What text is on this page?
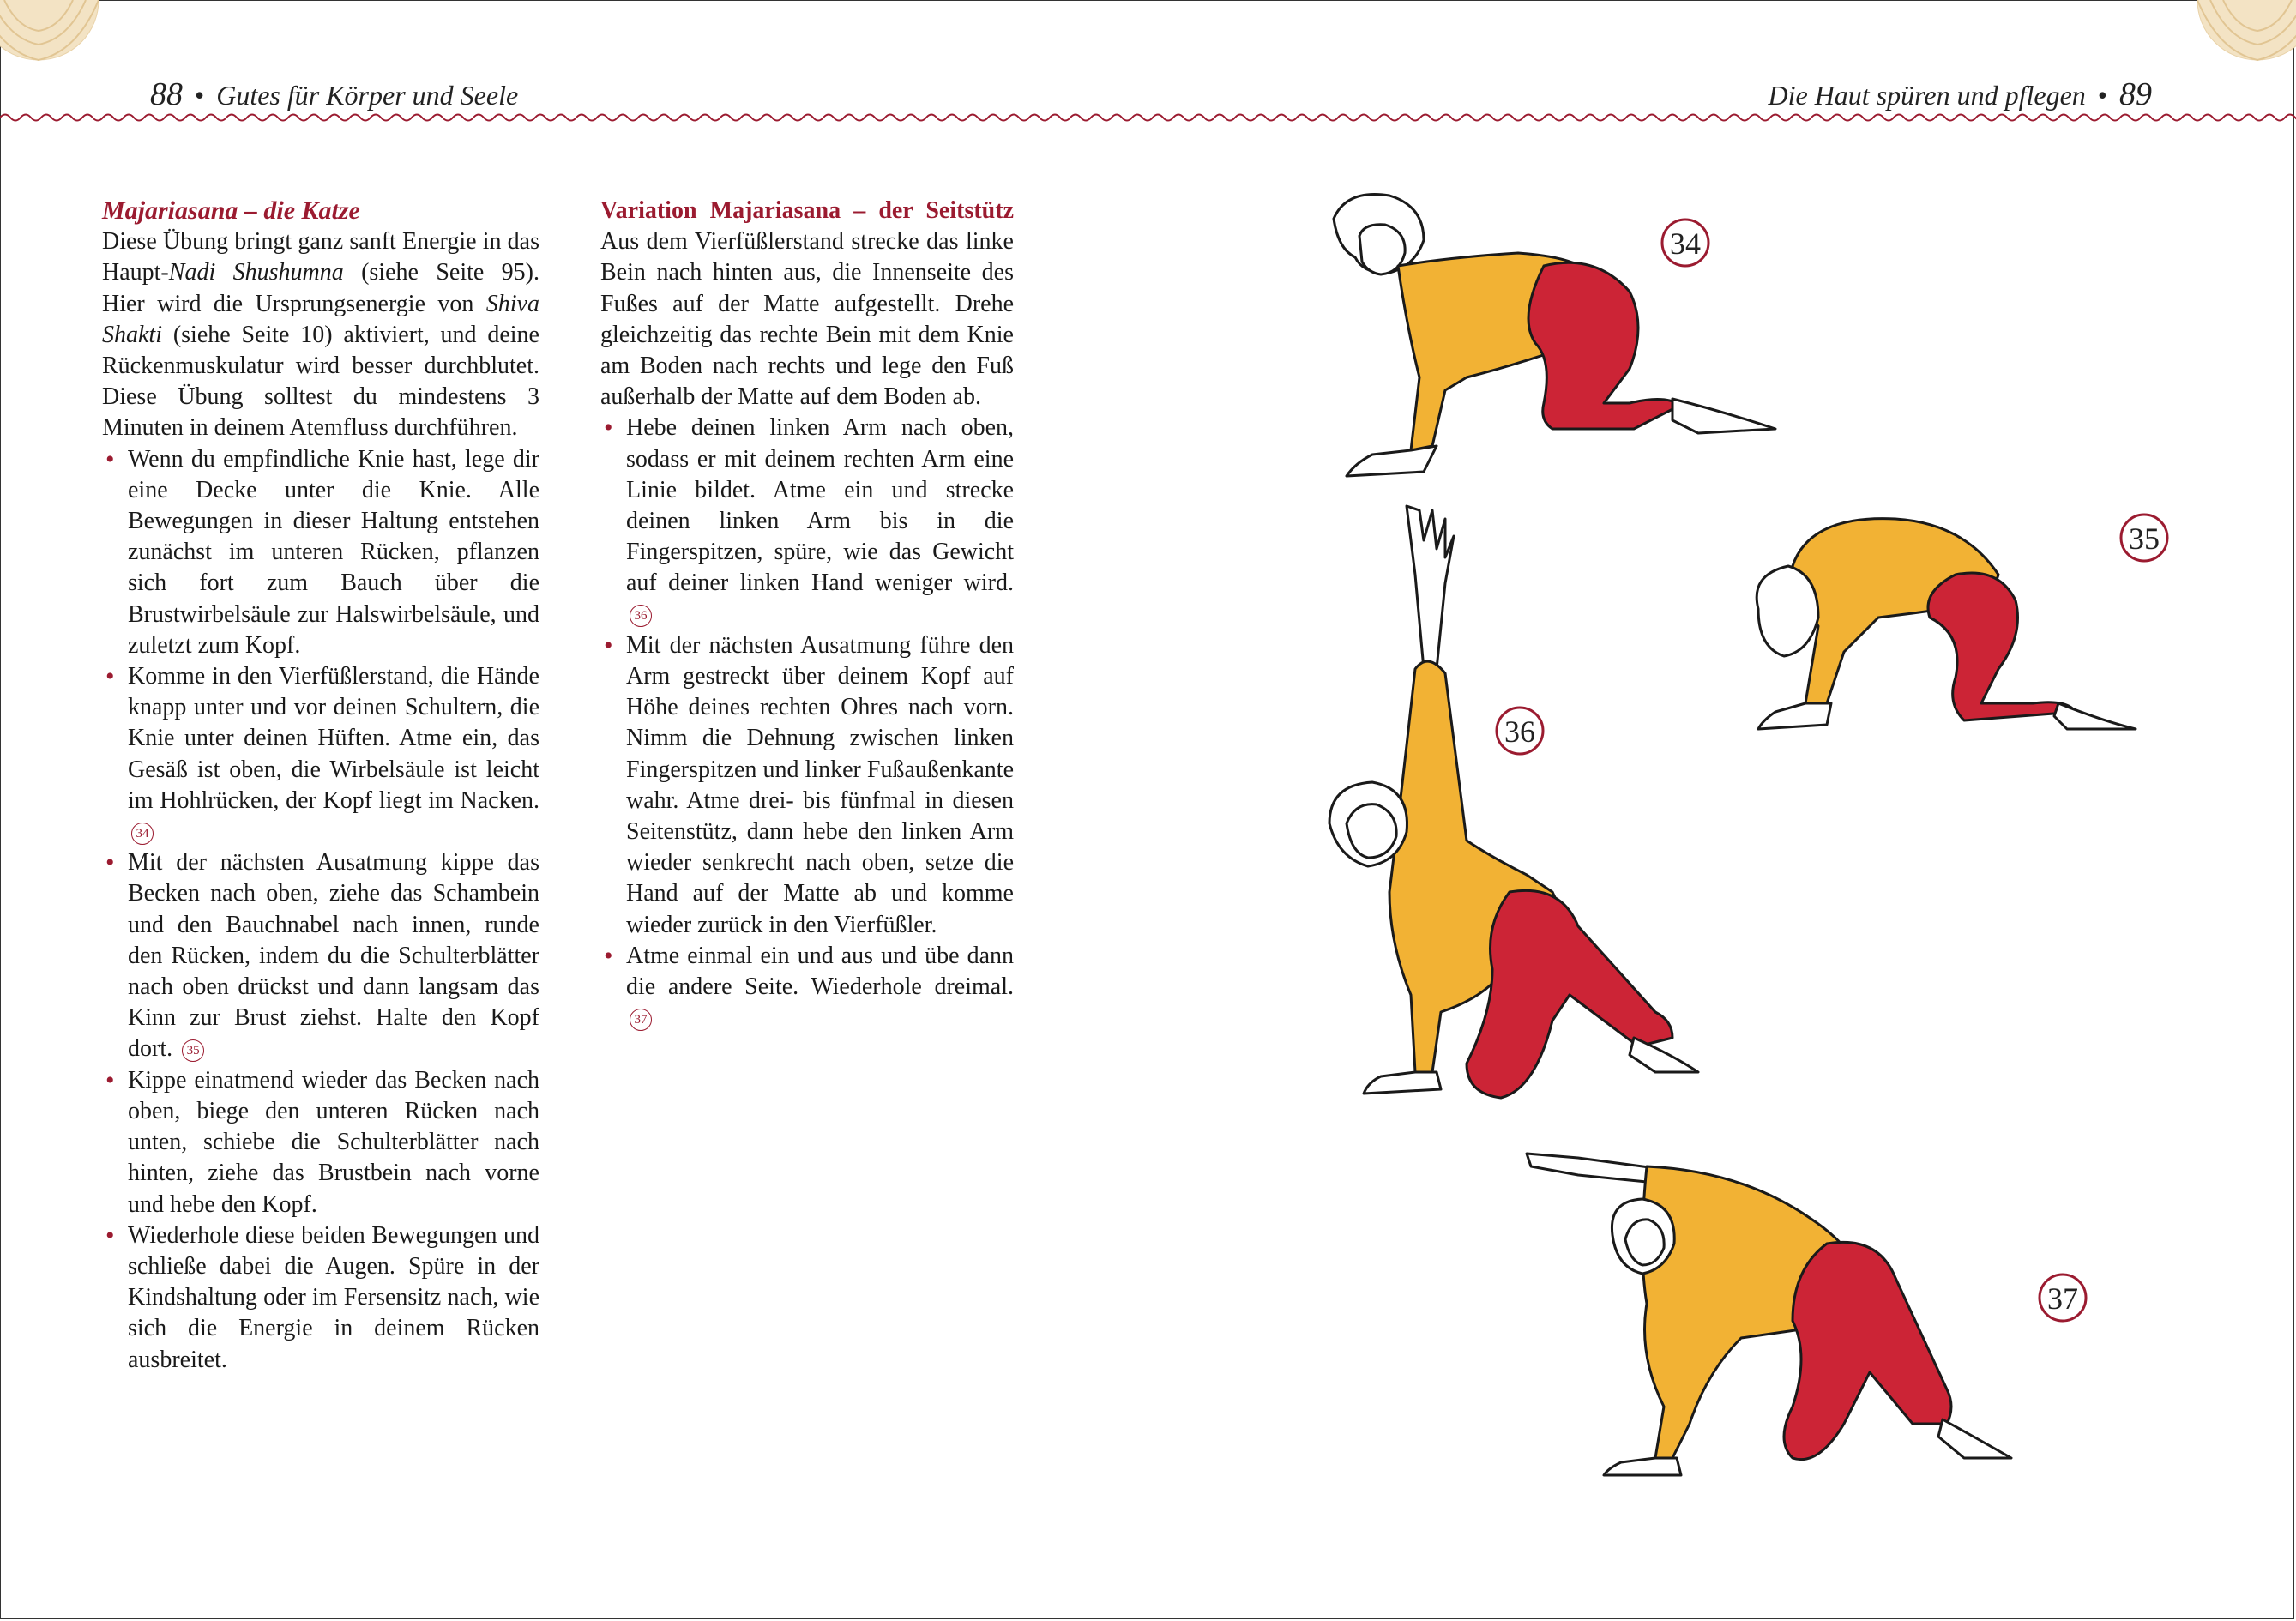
88 • Gutes für Körper und Seele	Die Haut spüren und pflegen • 89

Majariasana – die Katze

Diese Übung bringt ganz sanft Energie in das Haupt-Nadi Shushumna (siehe Seite 95). Hier wird die Ursprungsenergie von Shiva Shakti (siehe Seite 10) aktiviert, und deine Rückenmuskulatur wird besser durchblutet. Diese Übung solltest du mindestens 3 Minuten in deinem Atemfluss durchführen.

• Wenn du empfindliche Knie hast, lege dir eine Decke unter die Knie. Alle Bewegungen in dieser Haltung entstehen zunächst im unteren Rücken, pflanzen sich fort zum Bauch über die Brustwirbelsäule zur Halswirbelsäule, und zuletzt zum Kopf.
• Komme in den Vierfüßlerstand, die Hände knapp unter und vor deinen Schultern, die Knie unter deinen Hüften. Atme ein, das Gesäß ist oben, die Wirbelsäule ist leicht im Hohlrücken, der Kopf liegt im Nacken. 34
• Mit der nächsten Ausatmung kippe das Becken nach oben, ziehe das Schambein und den Bauchnabel nach innen, runde den Rücken, indem du die Schulterblätter nach oben drückst und dann langsam das Kinn zur Brust ziehst. Halte den Kopf dort. 35
• Kippe einatmend wieder das Becken nach oben, biege den unteren Rücken nach unten, schiebe die Schulterblätter nach hinten, ziehe das Brustbein nach vorne und hebe den Kopf.
• Wiederhole diese beiden Bewegungen und schließe dabei die Augen. Spüre in der Kindshaltung oder im Fersensitz nach, wie sich die Energie in deinem Rücken ausbreitet.

Variation Majariasana – der Seitstütz Aus dem Vierfüßlerstand strecke das linke Bein nach hinten aus, die Innenseite des Fußes auf der Matte aufgestellt. Drehe gleichzeitig das rechte Bein mit dem Knie am Boden nach rechts und lege den Fuß außerhalb der Matte auf dem Boden ab.

• Hebe deinen linken Arm nach oben, sodass er mit deinem rechten Arm eine Linie bildet. Atme ein und strecke deinen linken Arm bis in die Fingerspitzen, spüre, wie das Gewicht auf deiner linken Hand weniger wird. 36
• Mit der nächsten Ausatmung führe den Arm gestreckt über deinem Kopf auf Höhe deines rechten Ohres nach vorn. Nimm die Dehnung zwischen linken Fingerspitzen und linker Fußaußenkante wahr. Atme drei- bis fünfmal in diesen Seitenstütz, dann hebe den linken Arm wieder senkrecht nach oben, setze die Hand auf der Matte ab und komme wieder zurück in den Vierfüßler.
• Atme einmal ein und aus und übe dann die andere Seite. Wiederhole dreimal. 37
34
35
36
37
